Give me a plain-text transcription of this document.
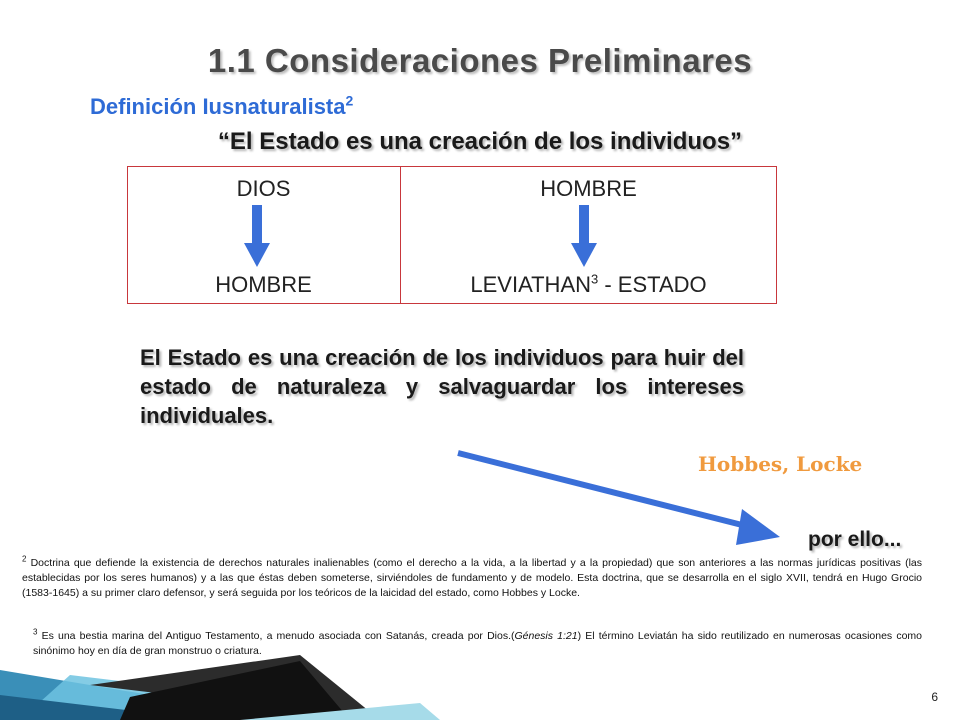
1.1 Consideraciones Preliminares
Definición Iusnaturalista$^2$
“El Estado es una creación de los individuos”
DIOS
HOMBRE
HOMBRE
LEVIATHAN$^3$ - ESTADO
El Estado es una creación de los individuos para huir del estado de naturaleza y salvaguardar los intereses individuales.
Hobbes, Locke
por ello...
$^2$ Doctrina que defiende la existencia de derechos naturales inalienables (como el derecho a la vida, a la libertad y a la propiedad) que son anteriores a las normas jurídicas positivas (las establecidas por los seres humanos) y a las que éstas deben someterse, sirviéndoles de fundamento y de modelo. Esta doctrina, que se desarrolla en el siglo XVII, tendrá en Hugo Grocio (1583-1645) a su primer claro defensor, y será seguida por los teóricos de la laicidad del estado, como Hobbes y Locke.
$^3$ Es una bestia marina del Antiguo Testamento, a menudo asociada con Satanás, creada por Dios.(Génesis 1:21) El término Leviatán ha sido reutilizado en numerosas ocasiones como sinónimo hoy en día de gran monstruo o criatura.
6
